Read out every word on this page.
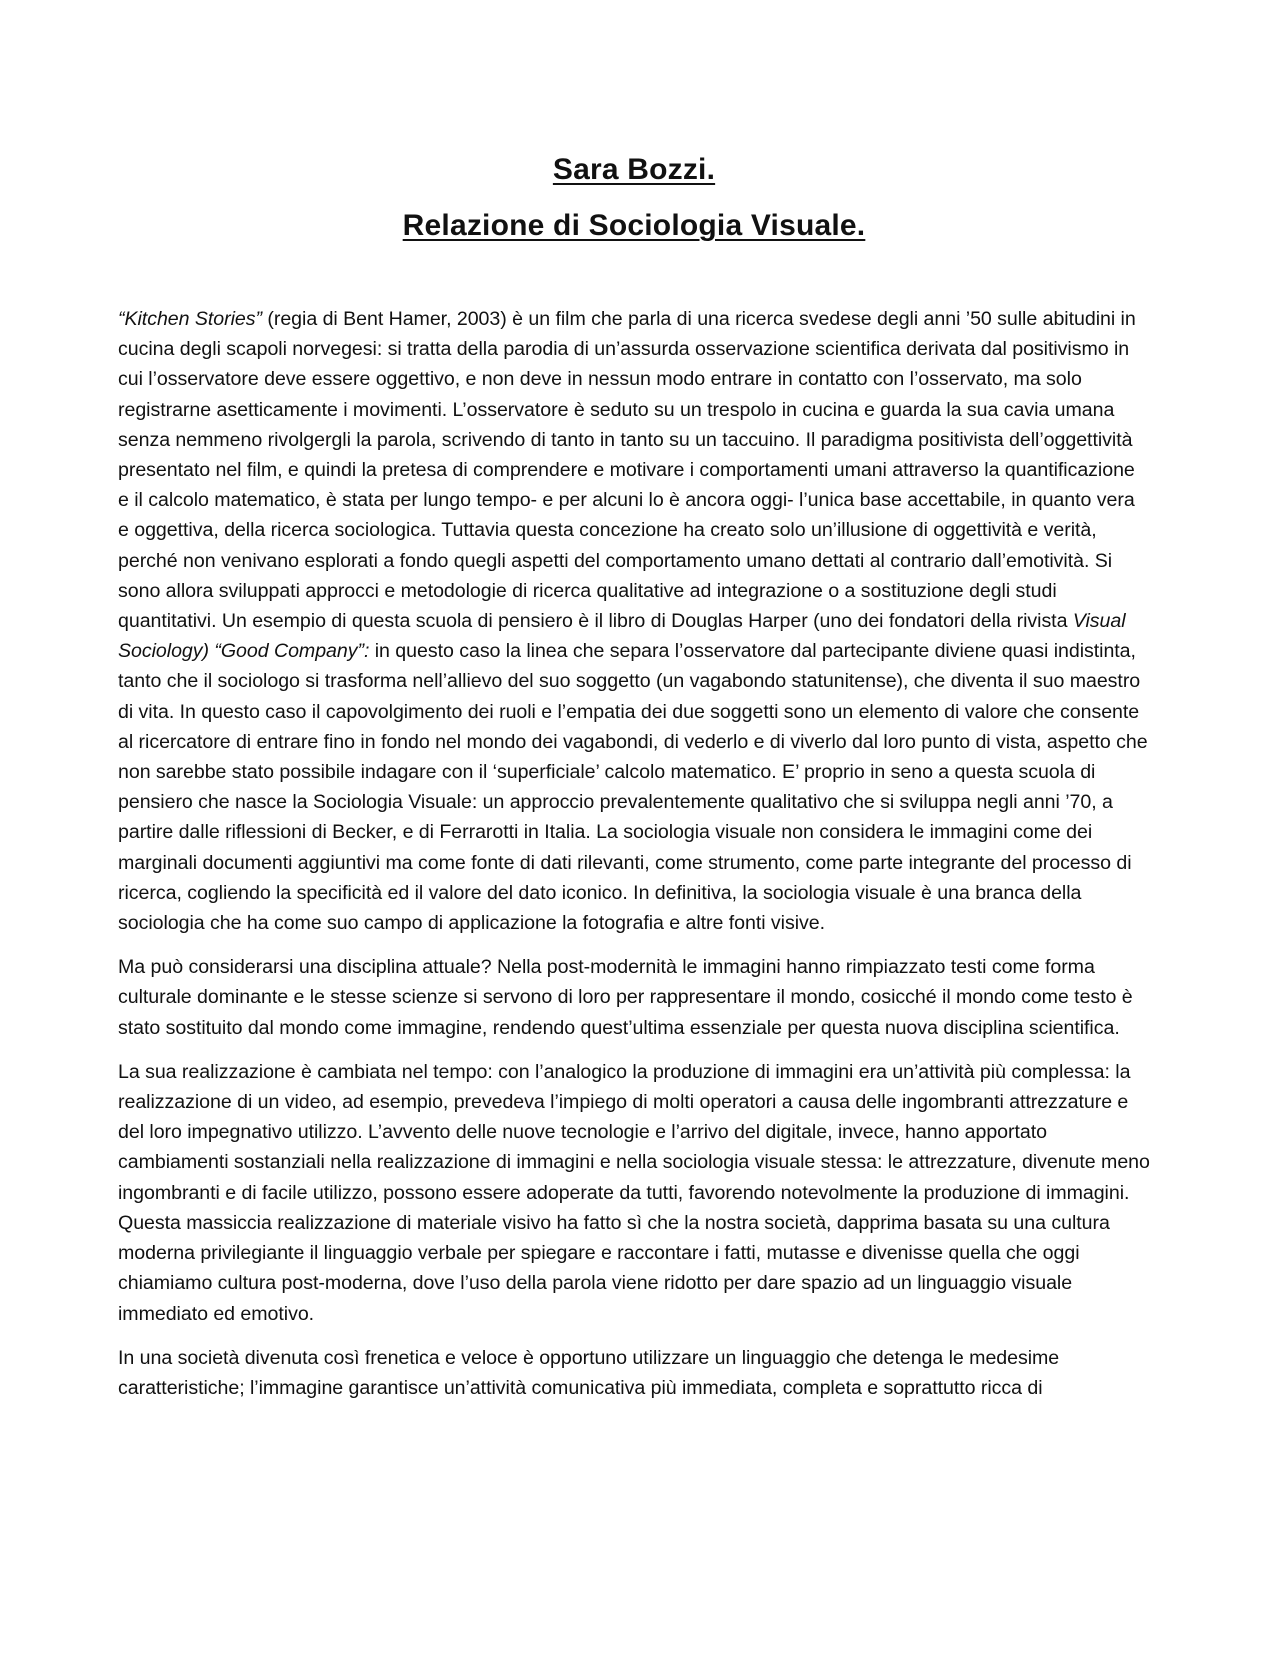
Sara Bozzi.
Relazione di Sociologia Visuale.

“Kitchen Stories” (regia di Bent Hamer, 2003) è un film che parla di una ricerca svedese degli anni ’50 sulle abitudini in cucina degli scapoli norvegesi: si tratta della parodia di un’assurda osservazione scientifica derivata dal positivismo in cui l’osservatore deve essere oggettivo, e non deve in nessun modo entrare in contatto con l’osservato, ma solo registrarne asetticamente i movimenti. L’osservatore è seduto su un trespolo in cucina e guarda la sua cavia umana senza nemmeno rivolgergli la parola, scrivendo di tanto in tanto su un taccuino. Il paradigma positivista dell’oggettività presentato nel film, e quindi la pretesa di comprendere e motivare i comportamenti umani attraverso la quantificazione e il calcolo matematico, è stata per lungo tempo- e per alcuni lo è ancora oggi- l’unica base accettabile, in quanto vera e oggettiva, della ricerca sociologica. Tuttavia questa concezione ha creato solo un’illusione di oggettività e verità, perché non venivano esplorati a fondo quegli aspetti del comportamento umano dettati al contrario dall’emotività. Si sono allora sviluppati approcci e metodologie di ricerca qualitative ad integrazione o a sostituzione degli studi quantitativi. Un esempio di questa scuola di pensiero è il libro di Douglas Harper (uno dei fondatori della rivista Visual Sociology) “Good Company”: in questo caso la linea che separa l’osservatore dal partecipante diviene quasi indistinta, tanto che il sociologo si trasforma nell’allievo del suo soggetto (un vagabondo statunitense), che diventa il suo maestro di vita. In questo caso il capovolgimento dei ruoli e l’empatia dei due soggetti sono un elemento di valore che consente al ricercatore di entrare fino in fondo nel mondo dei vagabondi, di vederlo e di viverlo dal loro punto di vista, aspetto che non sarebbe stato possibile indagare con il ‘superficiale’ calcolo matematico. E’ proprio in seno a questa scuola di pensiero che nasce la Sociologia Visuale: un approccio prevalentemente qualitativo che si sviluppa negli anni ’70, a partire dalle riflessioni di Becker, e di Ferrarotti in Italia. La sociologia visuale non considera le immagini come dei marginali documenti aggiuntivi ma come fonte di dati rilevanti, come strumento, come parte integrante del processo di ricerca, cogliendo la specificità ed il valore del dato iconico. In definitiva, la sociologia visuale è una branca della sociologia che ha come suo campo di applicazione la fotografia e altre fonti visive.

Ma può considerarsi una disciplina attuale? Nella post-modernità le immagini hanno rimpiazzato testi come forma culturale dominante e le stesse scienze si servono di loro per rappresentare il mondo, cosicché il mondo come testo è stato sostituito dal mondo come immagine, rendendo quest’ultima essenziale per questa nuova disciplina scientifica.

La sua realizzazione è cambiata nel tempo: con l’analogico la produzione di immagini era un’attività più complessa: la realizzazione di un video, ad esempio, prevedeva l’impiego di molti operatori a causa delle ingombranti attrezzature e del loro impegnativo utilizzo. L’avvento delle nuove tecnologie e l’arrivo del digitale, invece, hanno apportato cambiamenti sostanziali nella realizzazione di immagini e nella sociologia visuale stessa: le attrezzature, divenute meno ingombranti e di facile utilizzo, possono essere adoperate da tutti, favorendo notevolmente la produzione di immagini. Questa massiccia realizzazione di materiale visivo ha fatto sì che la nostra società, dapprima basata su una cultura moderna privilegiante il linguaggio verbale per spiegare e raccontare i fatti, mutasse e divenisse quella che oggi chiamiamo cultura post-moderna, dove l’uso della parola viene ridotto per dare spazio ad un linguaggio visuale immediato ed emotivo.

In una società divenuta così frenetica e veloce è opportuno utilizzare un linguaggio che detenga le medesime caratteristiche; l’immagine garantisce un’attività comunicativa più immediata, completa e soprattutto ricca di
